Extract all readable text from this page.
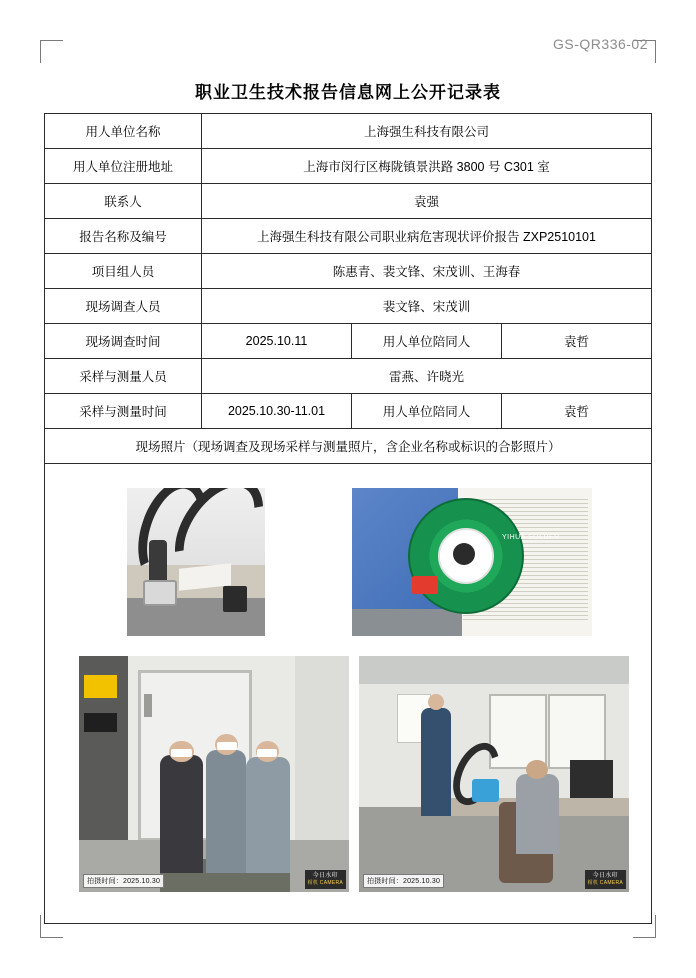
GS-QR336-02
职业卫生技术报告信息网上公开记录表
用人单位名称	上海强生科技有限公司		
用人单位注册地址	上海市闵行区梅陇镇景洪路 3800 号 C301 室		
联系人	袁强		
报告名称及编号	上海强生科技有限公司职业病危害现状评价报告 ZXP2510101		
项目组人员	陈惠青、裴文锋、宋茂训、王海春		
现场调查人员	裴文锋、宋茂训		
现场调查时间	2025.10.11	用人单位陪同人	袁哲
采样与测量人员	雷燕、许晓光		
采样与测量时间	2025.10.30-11.01	用人单位陪同人	袁哲
现场照片（现场调查及现场采样与测量照片，含企业名称或标识的合影照片）			

YIHUA SOLDER
拍摄时间：2025.10.30
今日水印
相机 CAMERA	拍摄时间：2025.10.30
今日水印
相机 CAMERA
